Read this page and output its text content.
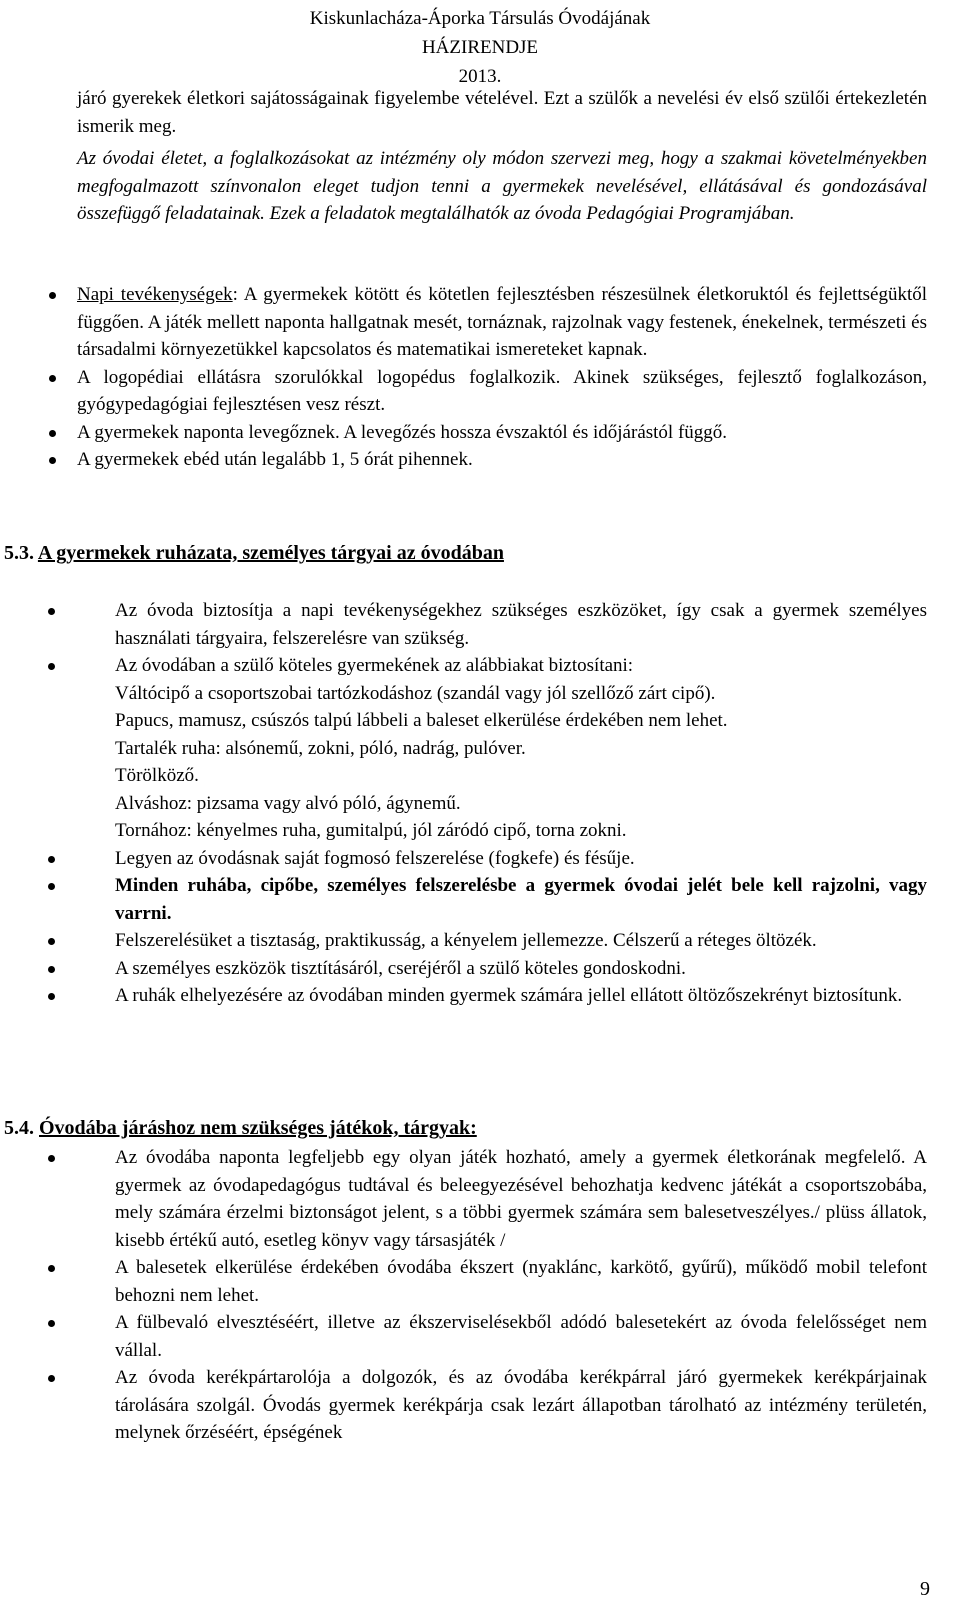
Kiskunlacháza-Áporka Társulás Óvodájának
HÁZIRENDJE
2013.

járó gyerekek életkori sajátosságainak figyelembe vételével. Ezt a szülők a nevelési év első szülői értekezletén ismerik meg.

Az óvodai életet, a foglalkozásokat az intézmény oly módon szervezi meg, hogy a szakmai követelményekben megfogalmazott színvonalon eleget tudjon tenni a gyermekek nevelésével, ellátásával és gondozásával összefüggő feladatainak. Ezek a feladatok megtalálhatók az óvoda Pedagógiai Programjában.

Napi tevékenységek: A gyermekek kötött és kötetlen fejlesztésben részesülnek életkoruktól és fejlettségüktől függően. A játék mellett naponta hallgatnak mesét, tornáznak, rajzolnak vagy festenek, énekelnek, természeti és társadalmi környezetükkel kapcsolatos és matematikai ismereteket kapnak.
A logopédiai ellátásra szorulókkal logopédus foglalkozik. Akinek szükséges, fejlesztő foglalkozáson, gyógypedagógiai fejlesztésen vesz részt.
A gyermekek naponta levegőznek. A levegőzés hossza évszaktól és időjárástól függő.
A gyermekek ebéd után legalább 1, 5 órát pihennek.
5.3. A gyermekek ruházata, személyes tárgyai az óvodában
Az óvoda biztosítja a napi tevékenységekhez szükséges eszközöket, így csak a gyermek személyes használati tárgyaira, felszerelésre van szükség.
Az óvodában a szülő köteles gyermekének az alábbiakat biztosítani:
Váltócipő a csoportszobai tartózkodáshoz (szandál vagy jól szellőző zárt cipő).
Papucs, mamusz, csúszós talpú lábbeli a baleset elkerülése érdekében nem lehet.
Tartalék ruha: alsónemű, zokni, póló, nadrág, pulóver.
Törölköző.
Alváshoz: pizsama vagy alvó póló, ágynemű.
Tornához: kényelmes ruha, gumitalpú, jól záródó cipő, torna zokni.
Legyen az óvodásnak saját fogmosó felszerelése (fogkefe) és fésűje.
Minden ruhába, cipőbe, személyes felszerelésbe a gyermek óvodai jelét bele kell rajzolni, vagy varrni.
Felszerelésüket a tisztaság, praktikusság, a kényelem jellemezze. Célszerű a réteges öltözék.
A személyes eszközök tisztításáról, cseréjéről a szülő köteles gondoskodni.
A ruhák elhelyezésére az óvodában minden gyermek számára jellel ellátott öltözőszekrényt biztosítunk.
5.4. Óvodába járáshoz nem szükséges játékok, tárgyak:
Az óvodába naponta legfeljebb egy olyan játék hozható, amely a gyermek életkorának megfelelő. A gyermek az óvodapedagógus tudtával és beleegyezésével behozhatja kedvenc játékát a csoportszobába, mely számára érzelmi biztonságot jelent, s a többi gyermek számára sem balesetveszélyes./ plüss állatok, kisebb értékű autó, esetleg könyv vagy társasjáték /
A balesetek elkerülése érdekében óvodába ékszert (nyaklánc, karkötő, gyűrű), működő mobil telefont behozni nem lehet.
A fülbevaló elvesztéséért, illetve az ékszerviselésekből adódó balesetekért az óvoda felelősséget nem vállal.
Az óvoda kerékpártarolója a dolgozók, és az óvodába kerékpárral járó gyermekek kerékpárjainak tárolására szolgál. Óvodás gyermek kerékpárja csak lezárt állapotban tárolható az intézmény területén, melynek őrzéséért, épségének
9
